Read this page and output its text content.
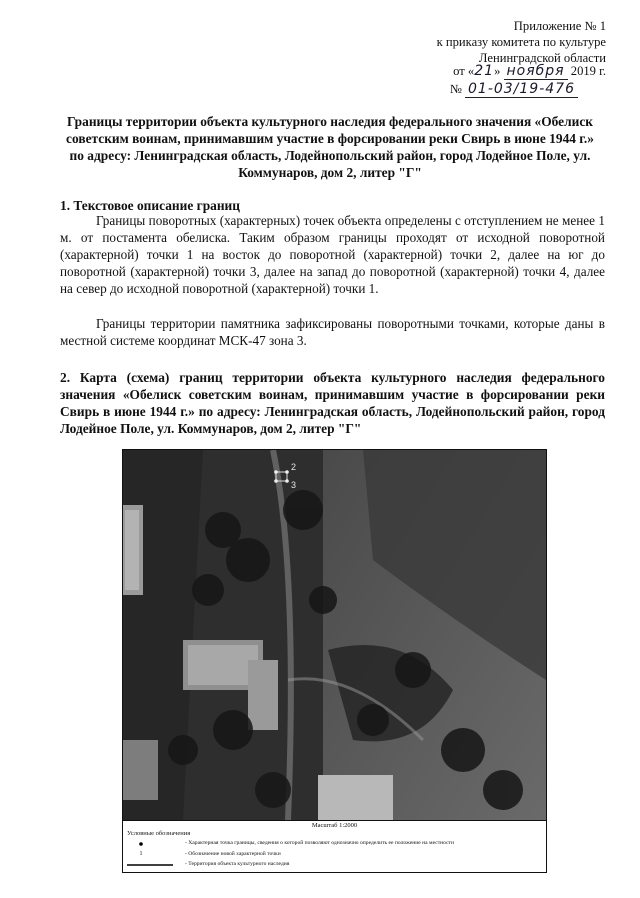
Приложение № 1
к приказу комитета по культуре
Ленинградской области
от «21» ноября 2019 г.
№ 01-03/19-476
Границы территории объекта культурного наследия федерального значения «Обелиск советским воинам, принимавшим участие в форсировании реки Свирь в июне 1944 г.» по адресу: Ленинградская область, Лодейнопольский район, город Лодейное Поле, ул. Коммунаров, дом 2, литер "Г"
1. Текстовое описание границ
Границы поворотных (характерных) точек объекта определены с отступлением не менее 1 м. от постамента обелиска. Таким образом границы проходят от исходной поворотной (характерной) точки 1 на восток до поворотной (характерной) точки 2, далее на юг до поворотной (характерной) точки 3, далее на запад до поворотной (характерной) точки 4, далее на север до исходной поворотной (характерной) точки 1.
Границы территории памятника зафиксированы поворотными точками, которые даны в местной системе координат МСК-47 зона 3.
2. Карта (схема) границ территории объекта культурного наследия федерального значения «Обелиск советским воинам, принимавшим участие в форсировании реки Свирь в июне 1944 г.» по адресу: Ленинградская область, Лодейнопольский район, город Лодейное Поле, ул. Коммунаров, дом 2, литер "Г"
2
3
Масштаб 1:2000
Условные обозначения
- Характерная точка границы, сведения о которой позволяют однозначно определить ее положение на местности
1	- Обозначение новой характерной точки
- Территория объекта культурного наследия
